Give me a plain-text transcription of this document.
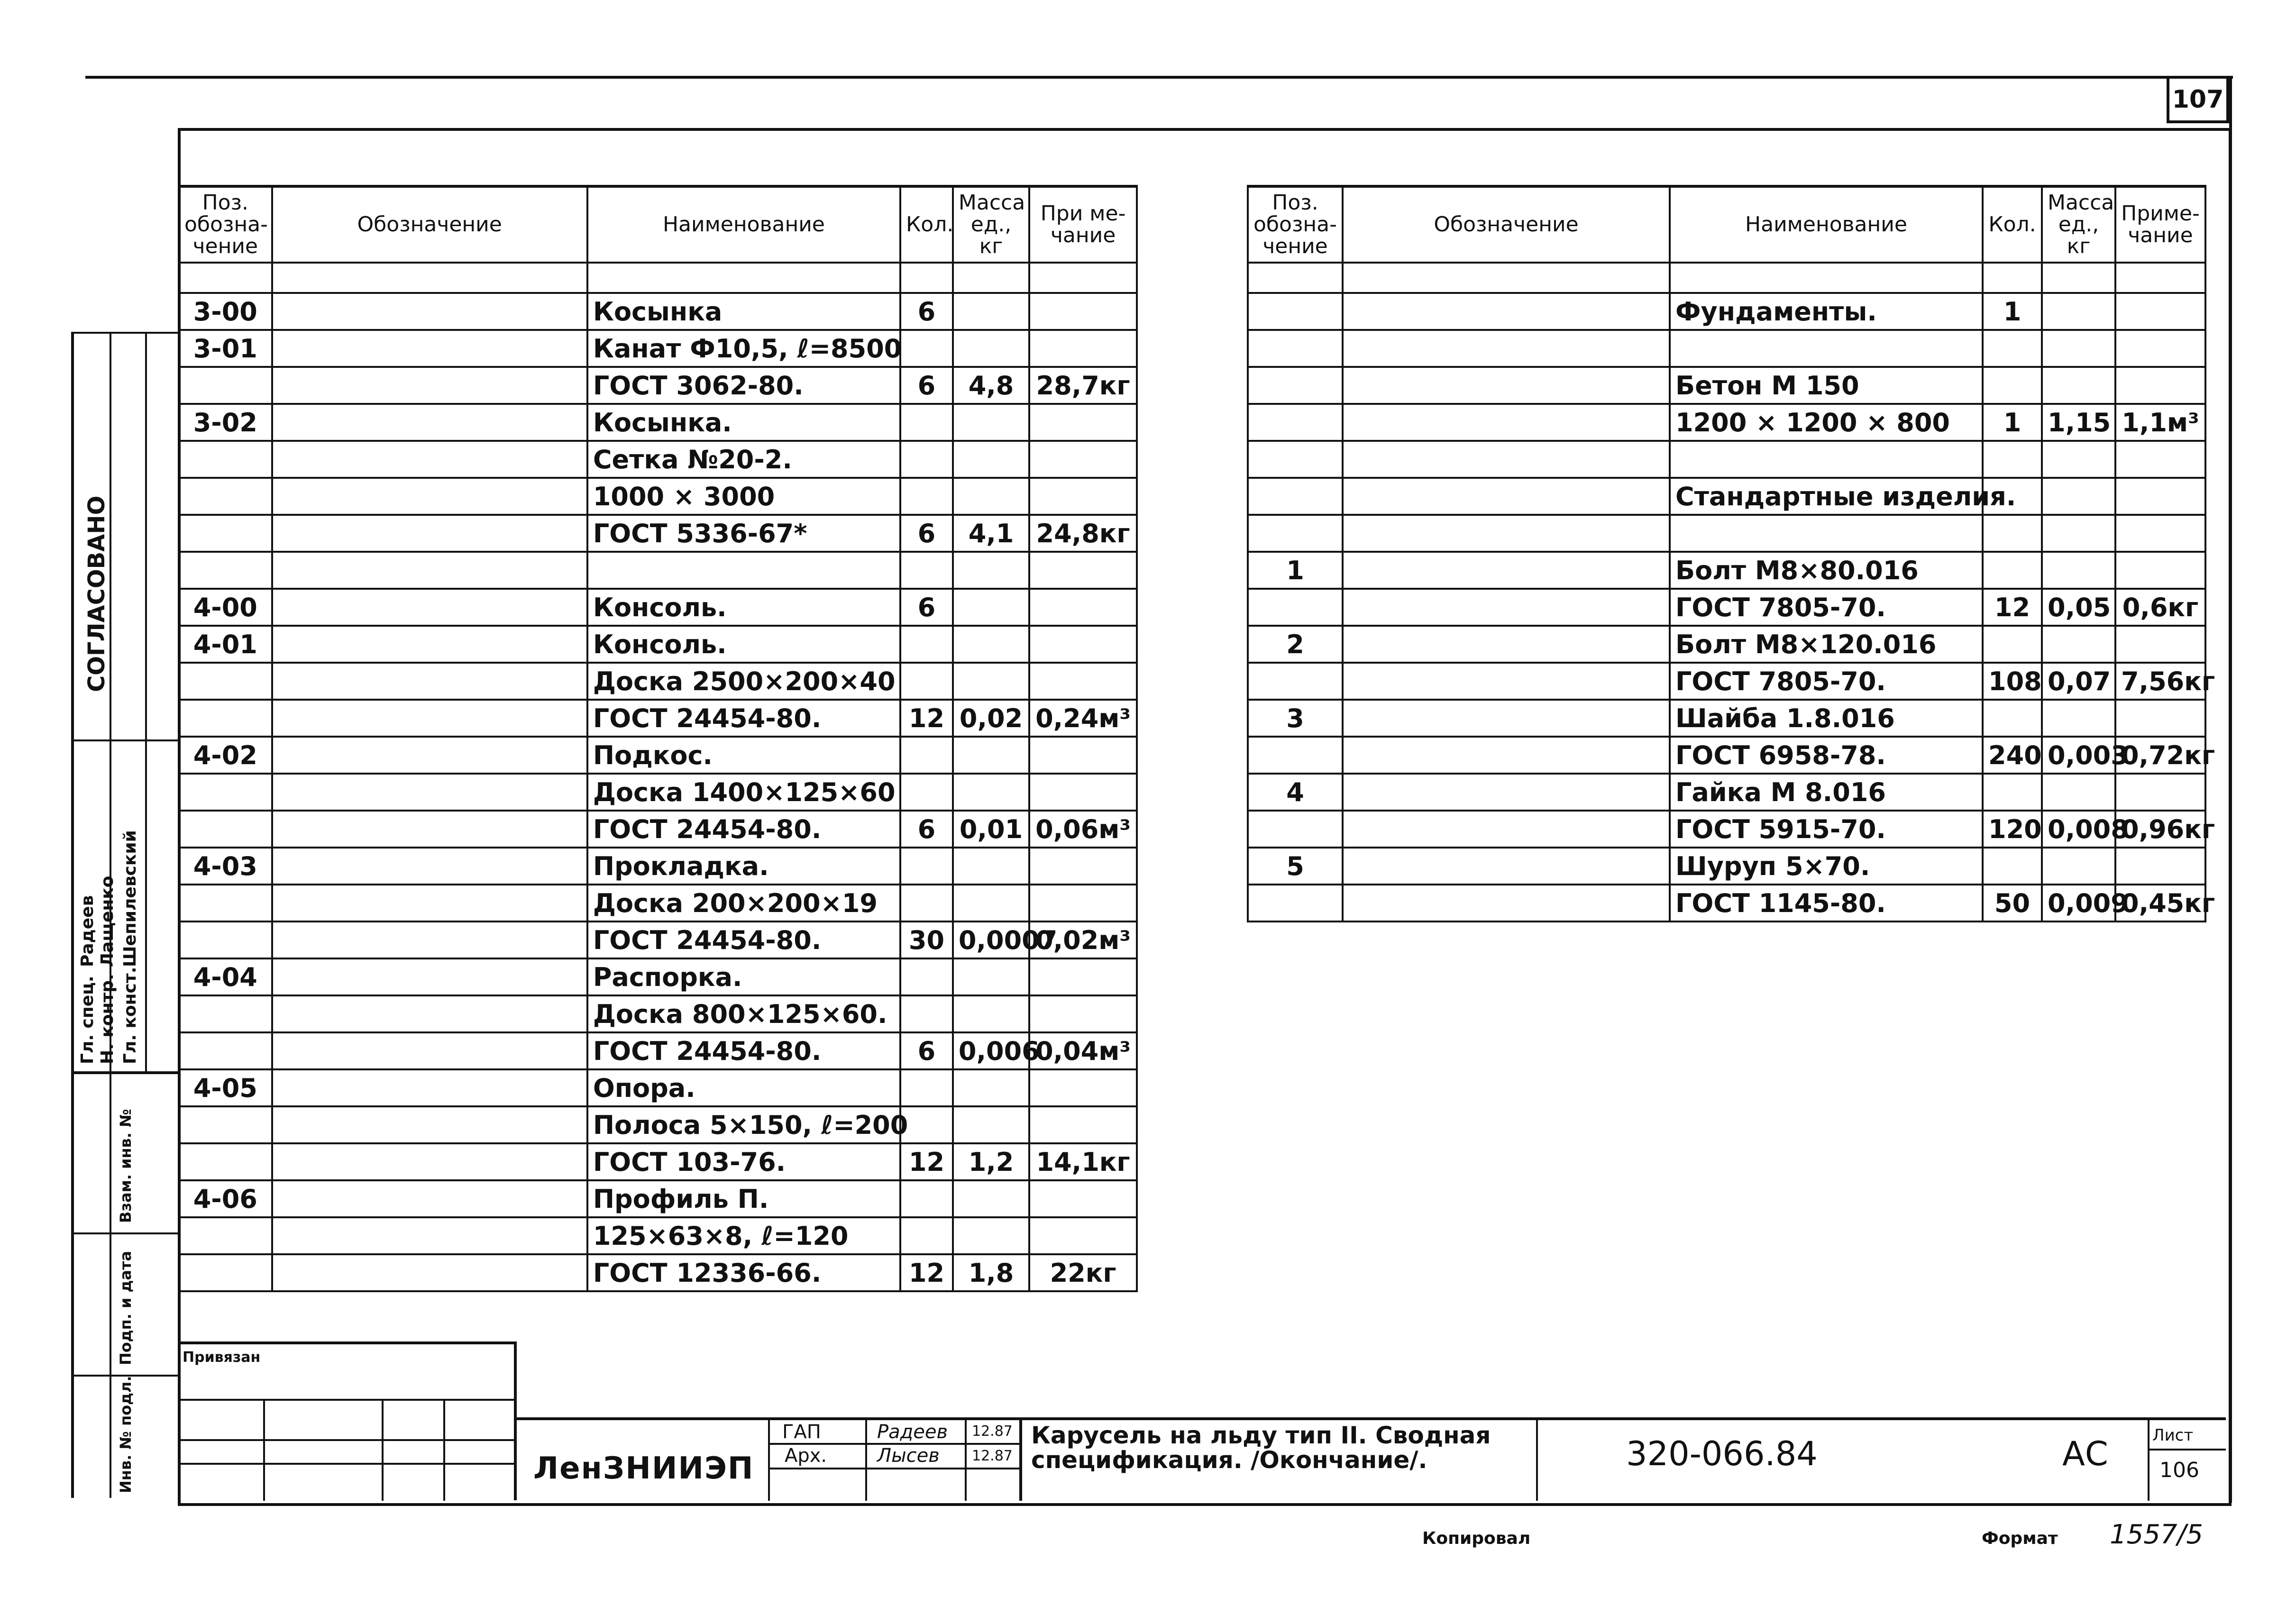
107
Поз. обозна- чение	Обозначение	Наименование	Кол.	Масса ед., кг	При ме- чание

3-00		Косынка	6		
3-01		Канат Ф10,5, ℓ=8500			
		ГОСТ 3062-80.	6	4,8	28,7кг
3-02		Косынка.			
		Сетка №20-2.			
		1000 × 3000			
		ГОСТ 5336-67*	6	4,1	24,8кг

4-00		Консоль.	6		
4-01		Консоль.			
		Доска 2500×200×40			
		ГОСТ 24454-80.	12	0,02	0,24м³
4-02		Подкос.			
		Доска 1400×125×60			
		ГОСТ 24454-80.	6	0,01	0,06м³
4-03		Прокладка.			
		Доска 200×200×19			
		ГОСТ 24454-80.	30	0,0007	0,02м³
4-04		Распорка.			
		Доска 800×125×60.			
		ГОСТ 24454-80.	6	0,006	0,04м³
4-05		Опора.			
		Полоса 5×150, ℓ=200			
		ГОСТ 103-76.	12	1,2	14,1кг
4-06		Профиль П.			
		125×63×8, ℓ=120			
		ГОСТ 12336-66.	12	1,8	22кг
Поз. обозна- чение	Обозначение	Наименование	Кол.	Масса ед., кг	Приме- чание

		Фундаменты.	1		

		Бетон М 150			
		1200 × 1200 × 800	1	1,15	1,1м³

		Стандартные изделия.			

1		Болт М8×80.016			
		ГОСТ 7805-70.	12	0,05	0,6кг
2		Болт М8×120.016			
		ГОСТ 7805-70.	108	0,07	7,56кг
3		Шайба 1.8.016			
		ГОСТ 6958-78.	240	0,003	0,72кг
4		Гайка М 8.016			
		ГОСТ 5915-70.	120	0,008	0,96кг
5		Шуруп 5×70.			
		ГОСТ 1145-80.	50	0,009	0,45кг
СОГЛАСОВАНО
Гл. спец. Н. контр. Гл. конст.
Радеев Лащенко Шепилевский
Взам. инв. №
Подп. и дата
Инв. № подл.
Привязан
ЛенЗНИИЭП
ГАП
Арх.
Радеев
Лысев
12.87
12.87
Карусель на льду тип II. Сводная спецификация. /Окончание/.	320-066.84	АС	Лист
106
Копировал	Формат 1557/5
